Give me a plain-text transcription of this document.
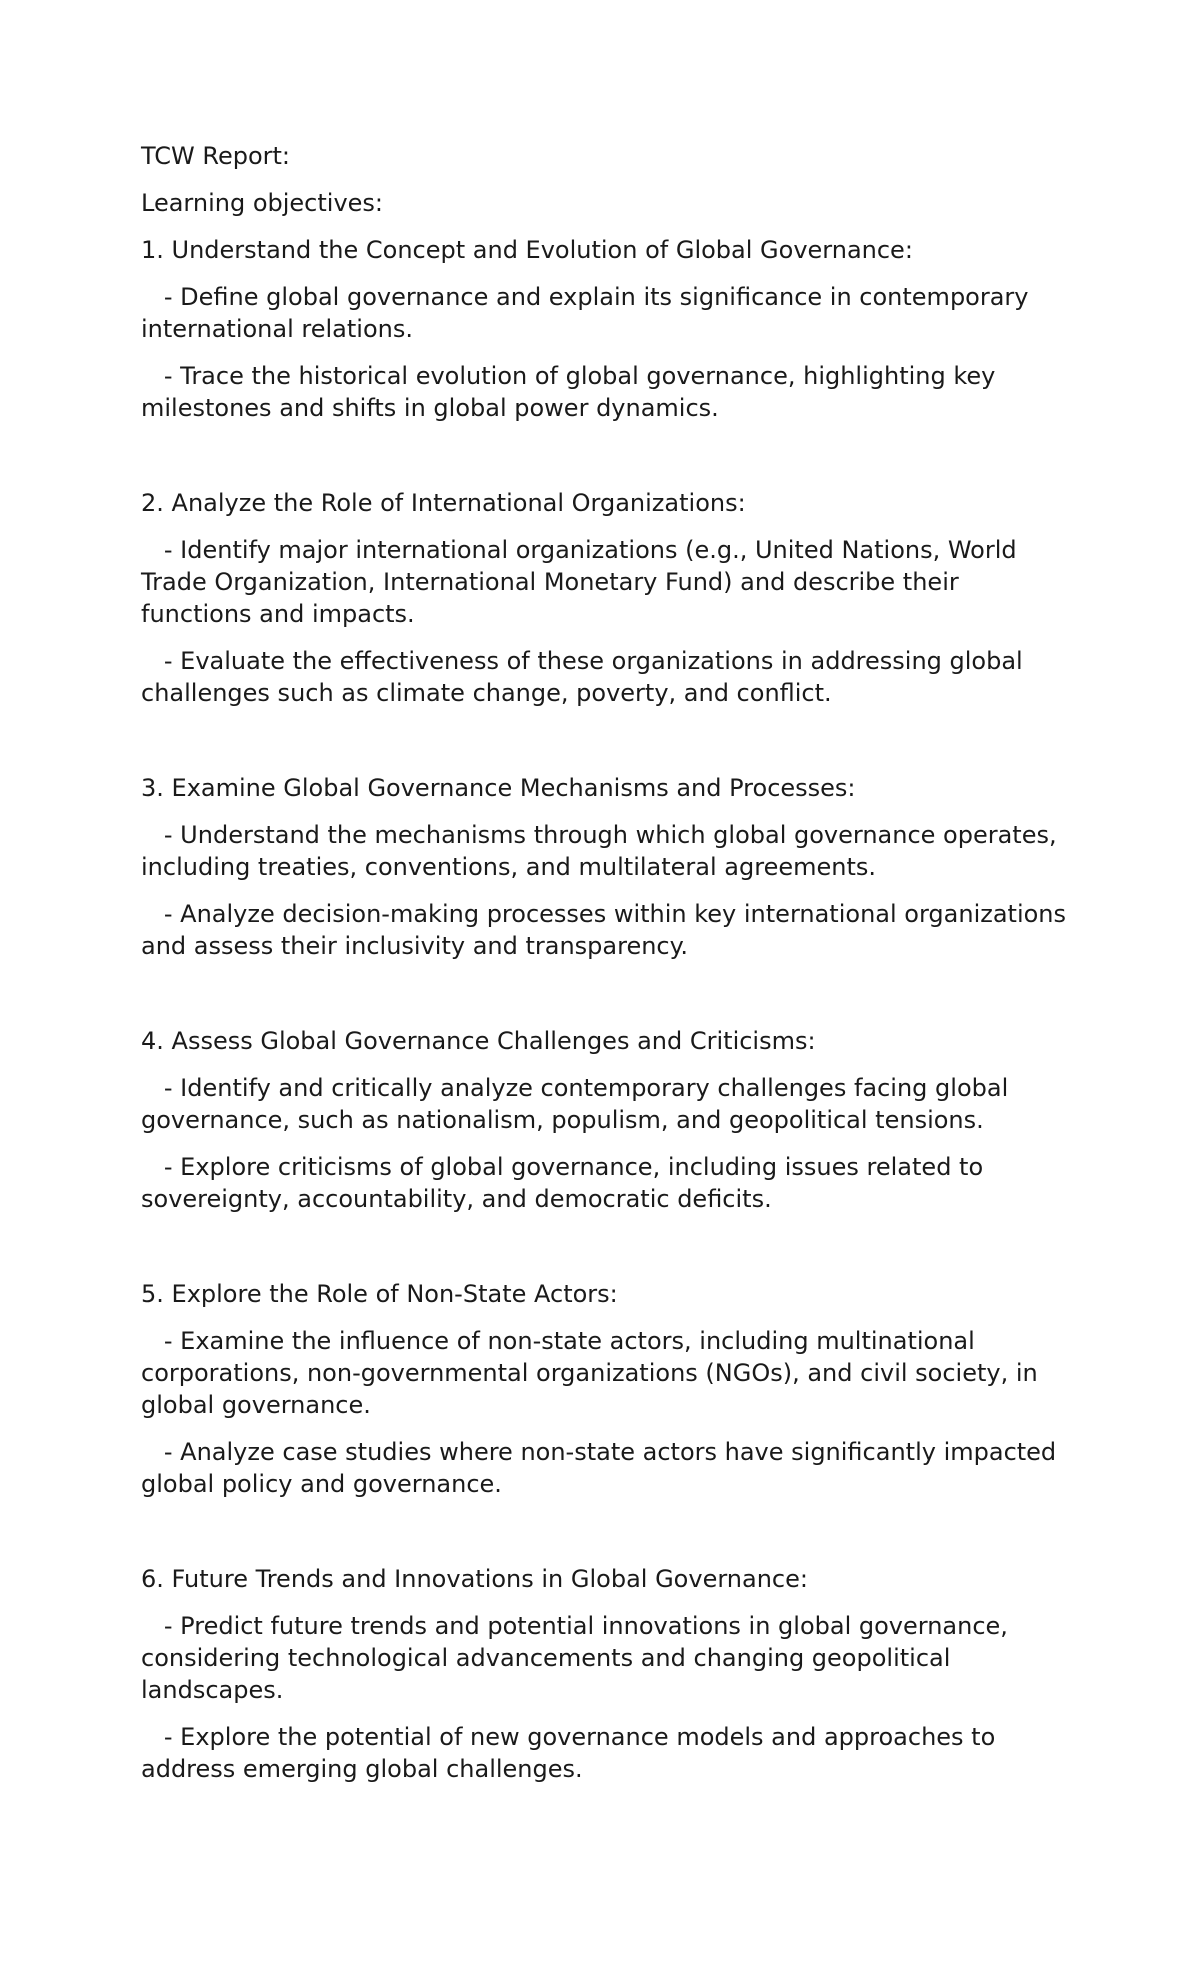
TCW Report:

Learning objectives:

1. Understand the Concept and Evolution of Global Governance:

- Define global governance and explain its significance in contemporary international relations.

- Trace the historical evolution of global governance, highlighting key milestones and shifts in global power dynamics.

2. Analyze the Role of International Organizations:

- Identify major international organizations (e.g., United Nations, World Trade Organization, International Monetary Fund) and describe their functions and impacts.

- Evaluate the effectiveness of these organizations in addressing global challenges such as climate change, poverty, and conflict.

3. Examine Global Governance Mechanisms and Processes:

- Understand the mechanisms through which global governance operates, including treaties, conventions, and multilateral agreements.

- Analyze decision-making processes within key international organizations and assess their inclusivity and transparency.

4. Assess Global Governance Challenges and Criticisms:

- Identify and critically analyze contemporary challenges facing global governance, such as nationalism, populism, and geopolitical tensions.

- Explore criticisms of global governance, including issues related to sovereignty, accountability, and democratic deficits.

5. Explore the Role of Non-State Actors:

- Examine the influence of non-state actors, including multinational corporations, non-governmental organizations (NGOs), and civil society, in global governance.

- Analyze case studies where non-state actors have significantly impacted global policy and governance.

6. Future Trends and Innovations in Global Governance:

- Predict future trends and potential innovations in global governance, considering technological advancements and changing geopolitical landscapes.

- Explore the potential of new governance models and approaches to address emerging global challenges.
